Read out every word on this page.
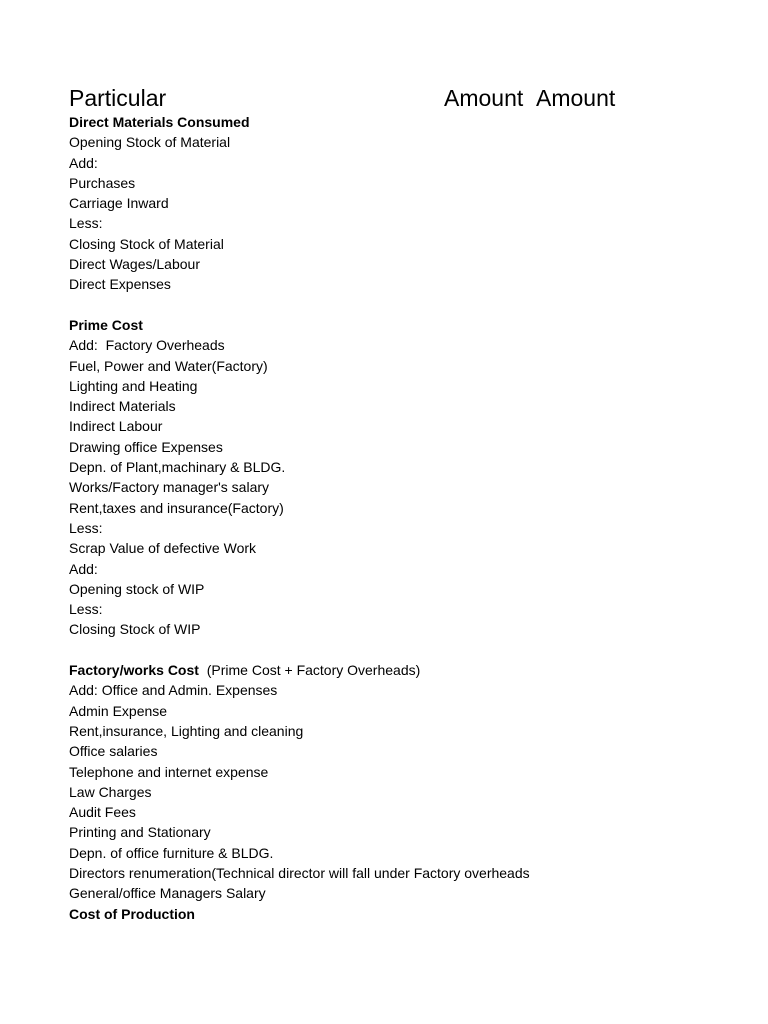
Particular	Amount Amount
Direct Materials Consumed
Opening Stock of Material
Add:
Purchases
Carriage Inward
Less:
Closing Stock of Material
Direct Wages/Labour
Direct Expenses
Prime Cost
Add:  Factory Overheads
Fuel, Power and Water(Factory)
Lighting and Heating
Indirect Materials
Indirect Labour
Drawing office Expenses
Depn. of Plant,machinary & BLDG.
Works/Factory manager's salary
Rent,taxes and insurance(Factory)
Less:
Scrap Value of defective Work
Add:
Opening stock of WIP
Less:
Closing Stock of WIP
Factory/works Cost  (Prime Cost + Factory Overheads)
Add: Office and Admin. Expenses
Admin Expense
Rent,insurance, Lighting and cleaning
Office salaries
Telephone and internet expense
Law Charges
Audit Fees
Printing and Stationary
Depn. of office furniture & BLDG.
Directors renumeration(Technical director will fall under Factory overheads
General/office Managers Salary
Cost of Production
